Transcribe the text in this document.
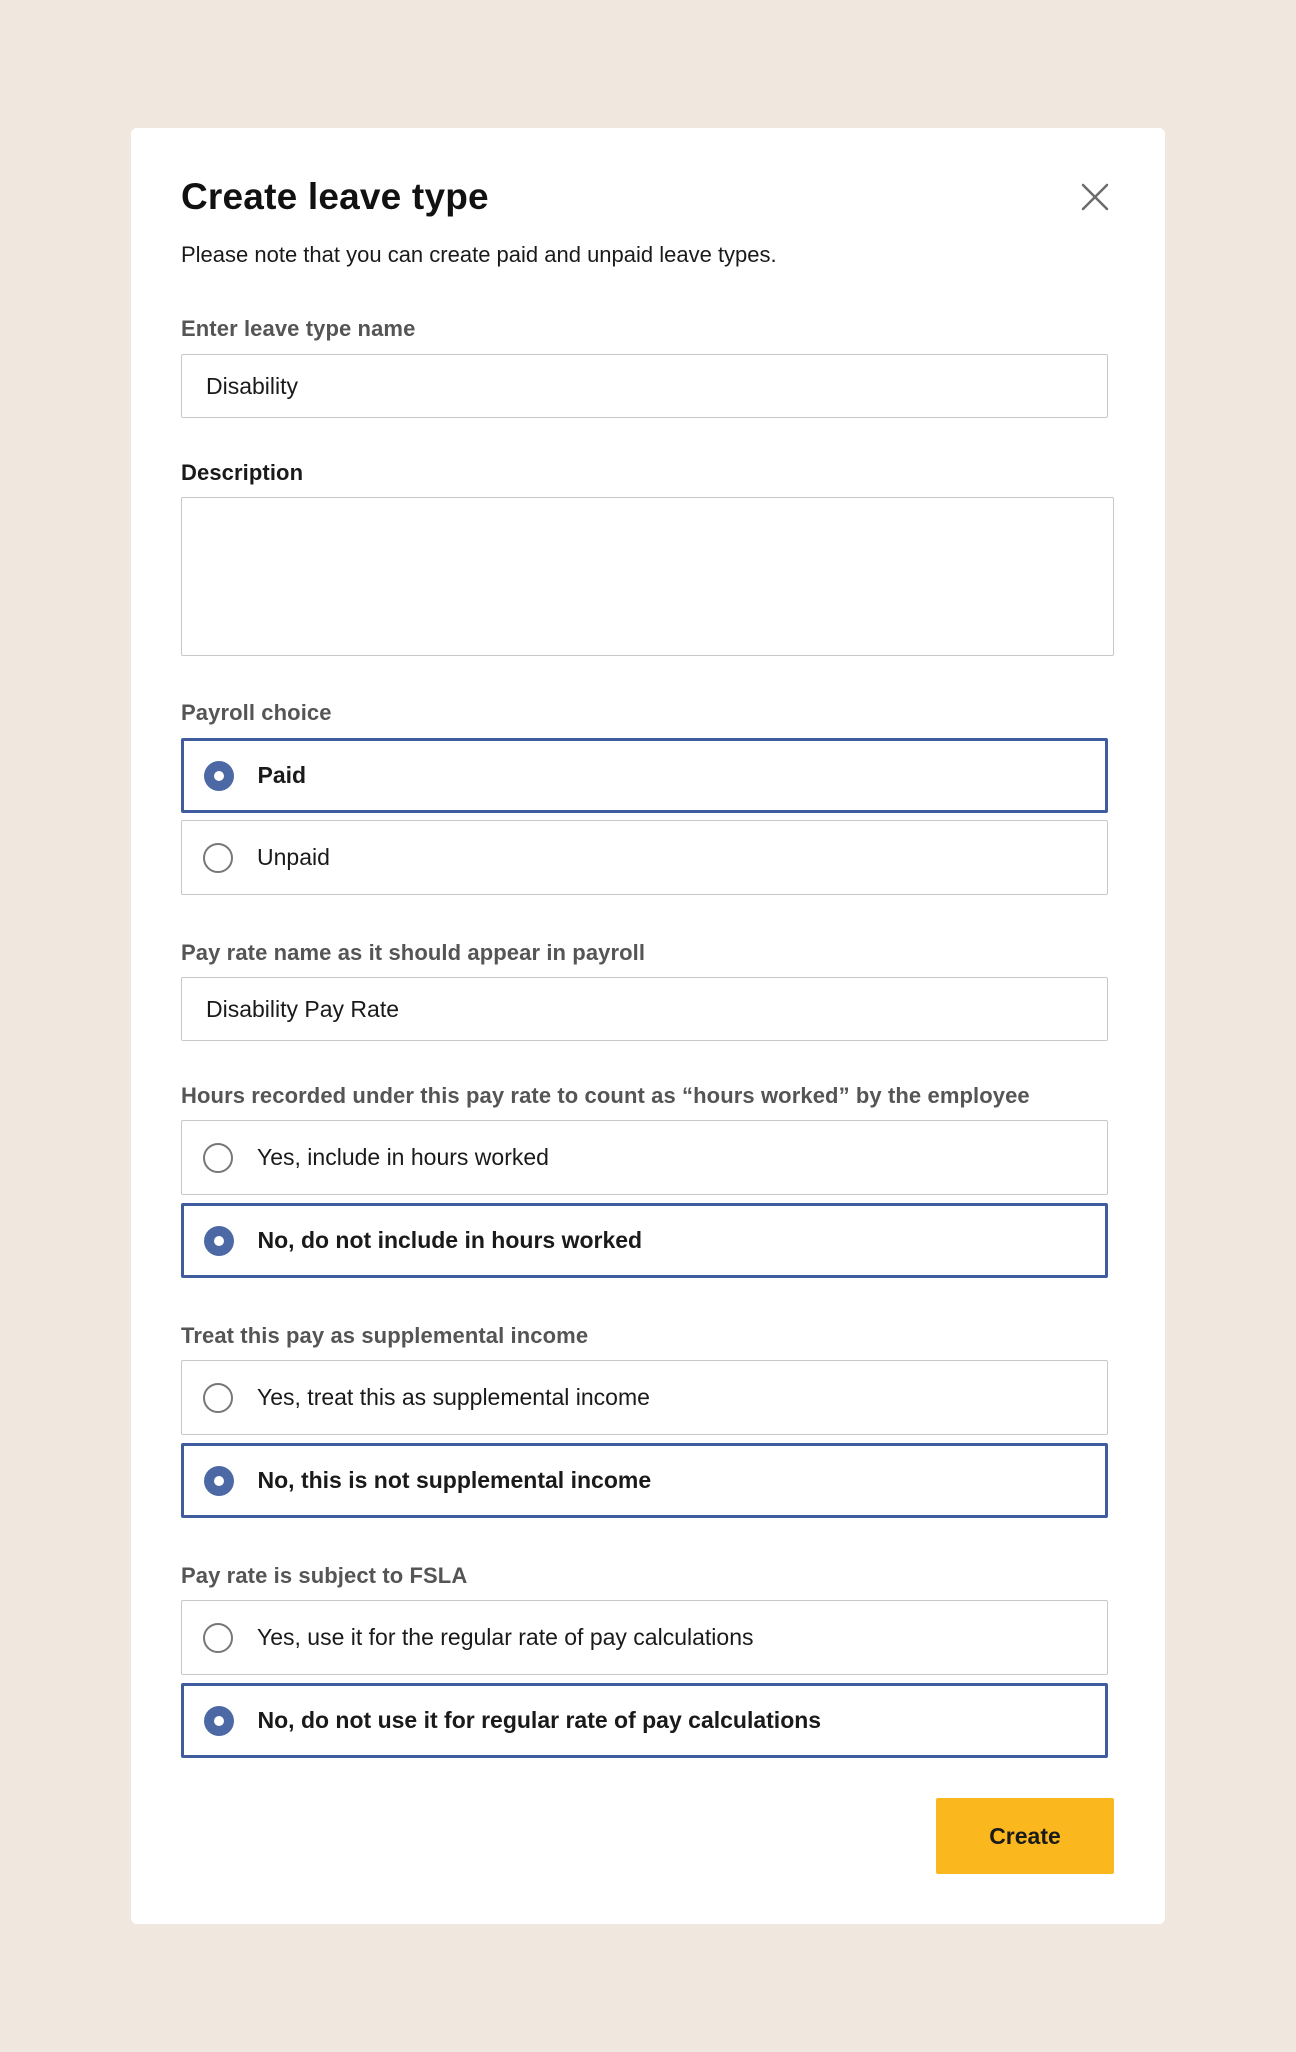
Create leave type

Please note that you can create paid and unpaid leave types.

Enter leave type name
Disability
Description
Payroll choice
Paid
Unpaid
Pay rate name as it should appear in payroll
Disability Pay Rate
Hours recorded under this pay rate to count as “hours worked” by the employee
Yes, include in hours worked
No, do not include in hours worked
Treat this pay as supplemental income
Yes, treat this as supplemental income
No, this is not supplemental income
Pay rate is subject to FSLA
Yes, use it for the regular rate of pay calculations
No, do not use it for regular rate of pay calculations
Create
